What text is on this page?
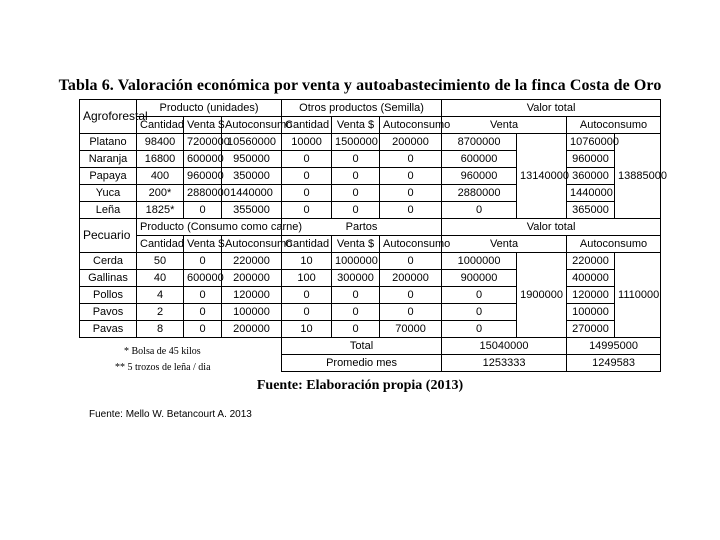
Tabla 6. Valoración económica por venta y autoabastecimiento de la finca Costa de Oro
Agroforestal	Producto (unidades)			Otros productos (Semilla)			Valor total			
	Cantidad	Venta $	Autoconsumo	Cantidad	Venta $	Autoconsumo	Venta		Autoconsumo	
Platano	98400	7200000	10560000	10000	1500000	200000	8700000	13140000	10760000	13885000
Naranja	16800	600000	950000	0	0	0	600000		960000	
Papaya	400	960000	350000	0	0	0	960000		360000	
Yuca	200*	2880000	1440000	0	0	0	2880000		1440000	
Leña	1825*	0	355000	0	0	0	0		365000	
Pecuario	Producto (Consumo como carne)			Partos			Valor total			
	Cantidad	Venta $	Autoconsumo	Cantidad	Venta $	Autoconsumo	Venta		Autoconsumo	
Cerda	50	0	220000	10	1000000	0	1000000	1900000	220000	1110000
Gallinas	40	600000	200000	100	300000	200000	900000		400000	
Pollos	4	0	120000	0	0	0	0		120000	
Pavos	2	0	100000	0	0	0	0		100000	
Pavas	8	0	200000	10	0	70000	0		270000	
				Total			15040000		14995000	
				Promedio mes			1253333		1249583	
* Bolsa de 45 kilos
** 5 trozos de leña / dia
Fuente: Elaboración propia (2013)
Fuente: Mello W. Betancourt A. 2013
